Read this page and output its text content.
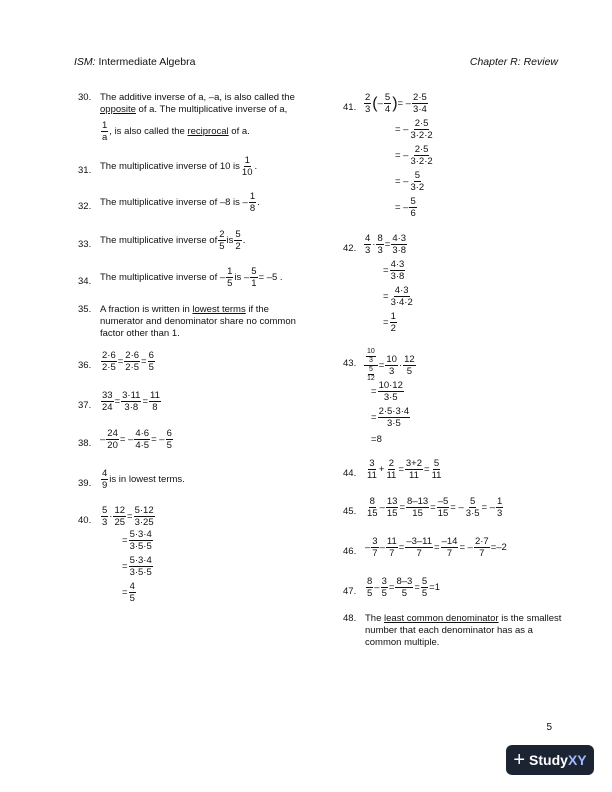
ISM: Intermediate Algebra	Chapter R: Review
30. The additive inverse of a, –a, is also called the
opposite of a. The multiplicative inverse of a,
$\frac{1}{a}$ , is also called the reciprocal of a.
31. The multiplicative inverse of 10 is $\frac{1}{10}$ .
32. The multiplicative inverse of –8 is – $\frac{1}{8}$ .
33. The multiplicative inverse of $\frac{2}{5}$ is $\frac{5}{2}$ .
34. The multiplicative inverse of – $\frac{1}{5}$ is – $\frac{5}{1} = -5$ .
35. A fraction is written in lowest terms if the numerator and denominator share no common factor other than 1.
36. $\frac{2\cdot 6}{2\cdot 5} = \frac{2\cdot 6}{2\cdot 5} = \frac{6}{5}$
37. $\frac{33}{24} = \frac{3\cdot 11}{3\cdot 8} = \frac{11}{8}$
38. – $\frac{24}{20}$ = – $\frac{4\cdot 6}{4\cdot 5}$ = – $\frac{6}{5}$
39. $\frac{4}{9}$ is in lowest terms.
40. $\frac{5}{3} \cdot \frac{12}{25} = \frac{5\cdot 12}{3\cdot 25}$
= $\frac{5\cdot 3\cdot 4}{3\cdot 5\cdot 5}$
= $\frac{5\cdot 3\cdot 4}{3\cdot 5\cdot 5}$
= $\frac{4}{5}$
41. $\frac{2}{3}$ ( – $\frac{5}{4}$ ) = – $\frac{2\cdot 5}{3\cdot 4}$
= – $\frac{2\cdot 5}{3\cdot 2\cdot 2}$
= – $\frac{2\cdot 5}{3\cdot 2\cdot 2}$
= – $\frac{5}{3\cdot 2}$
= – $\frac{5}{6}$
42. $\frac{4}{3} \cdot \frac{8}{3} = \frac{4\cdot 3}{3\cdot 8}$
= $\frac{4\cdot 3}{3\cdot 8}$
= $\frac{4\cdot 3}{3\cdot 4\cdot 2}$
= $\frac{1}{2}$
43. $\frac{\frac{10}{3}}{\frac{5}{12}} = \frac{10}{3} \cdot \frac{12}{5}$
= $\frac{10\cdot 12}{3\cdot 5}$
= $\frac{2\cdot 5\cdot 3\cdot 4}{3\cdot 5}$
= 8
44. $\frac{3}{11} + \frac{2}{11} = \frac{3+2}{11} = \frac{5}{11}$
45. $\frac{8}{15} - \frac{13}{15} = \frac{8-13}{15} = \frac{-5}{15}$ = – $\frac{5}{3\cdot 5}$ = – $\frac{1}{3}$
46. – $\frac{3}{7} - \frac{11}{7} = \frac{-3-11}{7} = \frac{-14}{7}$ = – $\frac{2\cdot 7}{7} = -2$
47. $\frac{8}{5} - \frac{3}{5} = \frac{8-3}{5} = \frac{5}{5} = 1$
48. The least common denominator is the smallest number that each denominator has as a common multiple.
5
+ Study XY
